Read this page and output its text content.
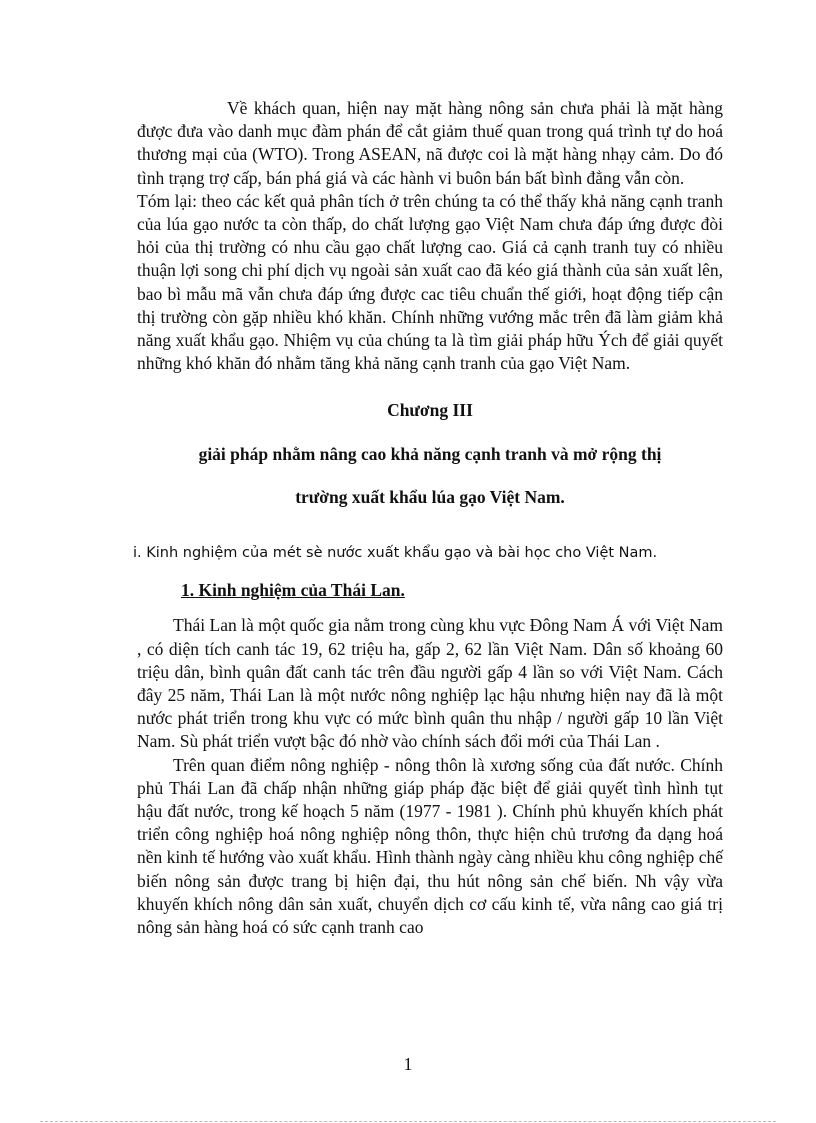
Về khách quan, hiện nay mặt hàng nông sản chưa phải là mặt hàng được đưa vào danh mục đàm phán để cắt giảm thuế quan trong quá trình tự do hoá thương mại của (WTO). Trong ASEAN, nã được coi là mặt hàng nhạy cảm. Do đó tình trạng trợ cấp, bán phá giá và các hành vi buôn bán bất bình đẳng vẫn còn.

Tóm lại: theo các kết quả phân tích ở trên chúng ta có thể thấy khả năng cạnh tranh của lúa gạo nước ta còn thấp, do chất lượng gạo Việt Nam chưa đáp ứng được đòi hỏi của thị trường có nhu cầu gạo chất lượng cao. Giá cả cạnh tranh tuy có nhiều thuận lợi song chi phí dịch vụ ngoài sản xuất cao đã kéo giá thành của sản xuất lên, bao bì mẫu mã vẫn chưa đáp ứng được cac tiêu chuẩn thế giới, hoạt động tiếp cận thị trường còn gặp nhiều khó khăn. Chính những vướng mắc trên đã làm giảm khả năng xuất khẩu gạo. Nhiệm vụ của chúng ta là tìm giải pháp hữu Ých để giải quyết những khó khăn đó nhằm tăng khả năng cạnh tranh của gạo Việt Nam.

Chương III

giải pháp nhằm nâng cao khả năng cạnh tranh và mở rộng thị

trường xuất khẩu lúa gạo Việt Nam.

i. Kinh nghiệm của mét sè nước xuất khẩu gạo và bài học cho Việt Nam.

1. Kinh nghiệm của Thái Lan.

Thái Lan là một quốc gia nằm trong cùng khu vực Đông Nam Á với Việt Nam , có diện tích canh tác 19, 62 triệu ha, gấp 2, 62 lần Việt Nam. Dân số khoảng 60 triệu dân, bình quân đất canh tác trên đầu người gấp 4 lần so với Việt Nam. Cách đây 25 năm, Thái Lan là một nước nông nghiệp lạc hậu nhưng hiện nay đã là một nước phát triển trong khu vực có mức bình quân thu nhập / người gấp 10 lần Việt Nam. Sù phát triển vượt bậc đó nhờ vào chính sách đổi mới của Thái Lan .

Trên quan điểm nông nghiệp - nông thôn là xương sống của đất nước. Chính phủ Thái Lan đã chấp nhận những giáp pháp đặc biệt để giải quyết tình hình tụt hậu đất nước, trong kế hoạch 5 năm (1977 - 1981 ). Chính phủ khuyến khích phát triển công nghiệp hoá nông nghiệp nông thôn, thực hiện chủ trương đa dạng hoá nền kinh tế hướng vào xuất khẩu. Hình thành ngày càng nhiều khu công nghiệp chế biến nông sản được trang bị hiện đại, thu hút nông sản chế biến. Nh vậy vừa khuyến khích nông dân sản xuất, chuyển dịch cơ cấu kinh tế, vừa nâng cao giá trị nông sản hàng hoá có sức cạnh tranh cao

1
